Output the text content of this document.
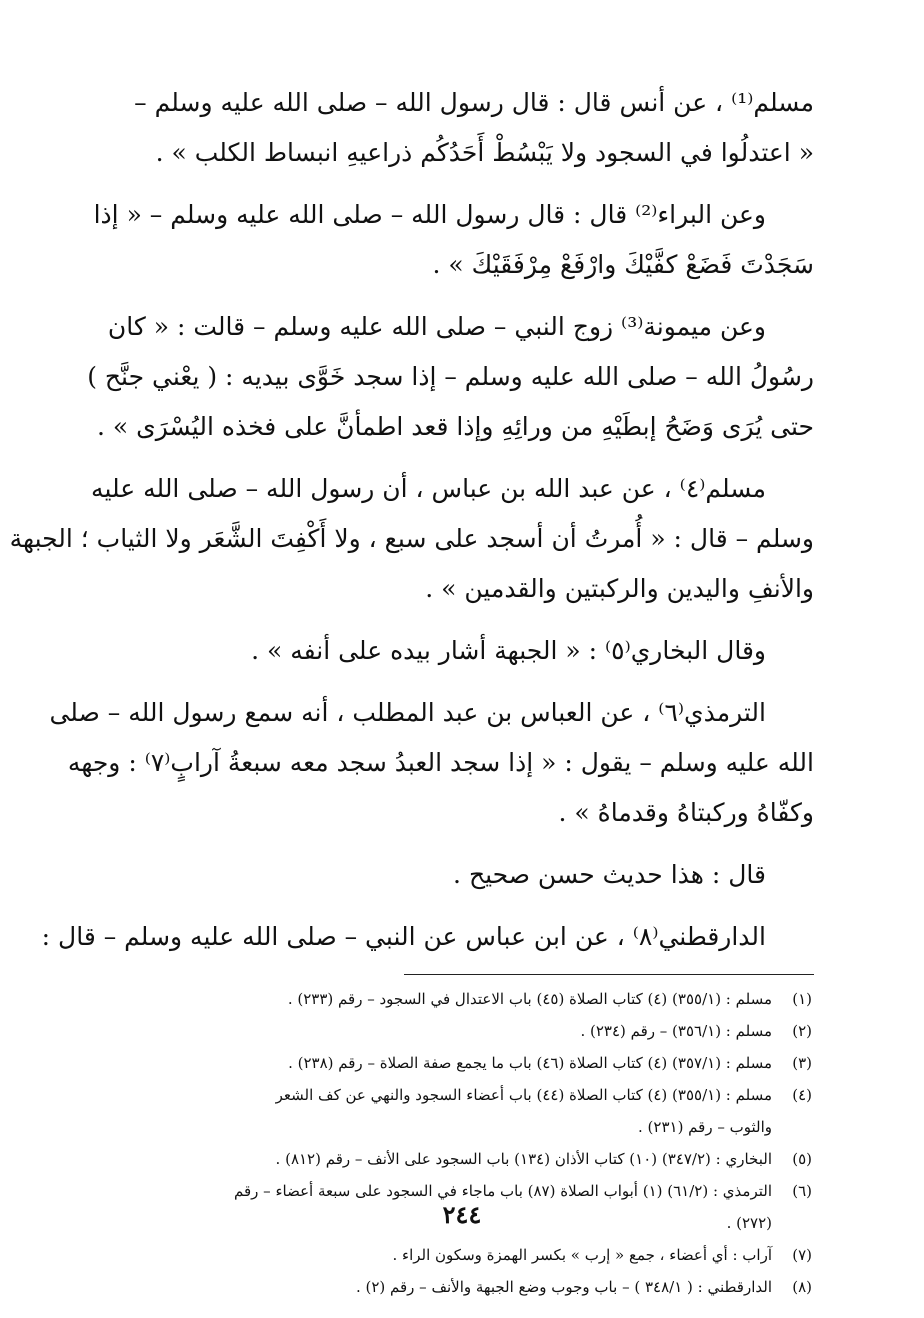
مسلم⁽¹⁾ ، عن أنس قال : قال رسول الله – صلى الله عليه وسلم –
« اعتدلُوا في السجود ولا يَبْسُطْ أَحَدُكُم ذراعيهِ انبساط الكلب » .
وعن البراء⁽²⁾ قال : قال رسول الله – صلى الله عليه وسلم – « إذا
سَجَدْتَ فَضَعْ كفَّيْكَ وارْفَعْ مِرْفَقَيْكَ » .
وعن ميمونة⁽³⁾ زوج النبي – صلى الله عليه وسلم – قالت : « كان
رسُولُ الله – صلى الله عليه وسلم – إذا سجد خَوَّى بيديه : ( يعْني جنَّح )
حتى يُرَى وَضَحُ إبطَيْهِ من ورائِهِ وإذا قعد اطمأنَّ على فخذه اليُسْرَى » .
مسلم⁽٤⁾ ، عن عبد الله بن عباس ، أن رسول الله – صلى الله عليه
وسلم – قال : « أُمرتُ أن أسجد على سبع ، ولا أَكْفِتَ الشَّعَر ولا الثياب ؛ الجبهة
والأنفِ واليدين والركبتين والقدمين » .
وقال البخاري⁽٥⁾ : « الجبهة أشار بيده على أنفه » .
الترمذي⁽٦⁾ ، عن العباس بن عبد المطلب ، أنه سمع رسول الله – صلى
الله عليه وسلم – يقول : « إذا سجد العبدُ سجد معه سبعةُ آرابٍ⁽٧⁾ : وجهه
وكفّاهُ وركبتاهُ وقدماهُ » .
قال : هذا حديث حسن صحيح .
الدارقطني⁽٨⁾ ، عن ابن عباس عن النبي – صلى الله عليه وسلم – قال :
(١)
مسلم : (٣٥٥/١) (٤) كتاب الصلاة (٤٥) باب الاعتدال في السجود – رقم (٢٣٣) .
(٢)
مسلم : (٣٥٦/١) – رقم (٢٣٤) .
(٣)
مسلم : (٣٥٧/١) (٤) كتاب الصلاة (٤٦) باب ما يجمع صفة الصلاة – رقم (٢٣٨) .
(٤)
مسلم : (٣٥٥/١) (٤) كتاب الصلاة (٤٤) باب أعضاء السجود والنهي عن كف الشعر
والثوب – رقم (٢٣١) .
(٥)
البخاري : (٣٤٧/٢) (١٠) كتاب الأذان (١٣٤) باب السجود على الأنف – رقم (٨١٢) .
(٦)
الترمذي : (٦١/٢) (١) أبواب الصلاة (٨٧) باب ماجاء في السجود على سبعة أعضاء – رقم
(٢٧٢) .
(٧)
آراب : أي أعضاء ، جمع « إرب » بكسر الهمزة وسكون الراء .
(٨)
الدارقطني : ( ٣٤٨/١ ) – باب وجوب وضع الجبهة والأنف – رقم (٢) .
٢٤٤
